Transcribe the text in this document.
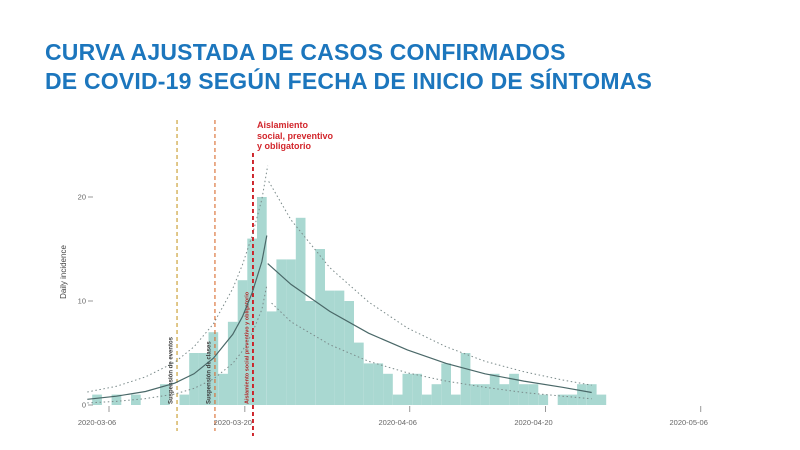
CURVA AJUSTADA DE CASOS CONFIRMADOS
DE COVID-19 SEGÚN FECHA DE INICIO DE SÍNTOMAS
Aislamiento
social, preventivo
y obligatorio
Suspensión de eventos	Suspensión de clases	Aislamiento social preventivo y obligatorio
Daily incidence
0
10
20
2020-03-06	2020-03-20	2020-04-06	2020-04-20	2020-05-06
